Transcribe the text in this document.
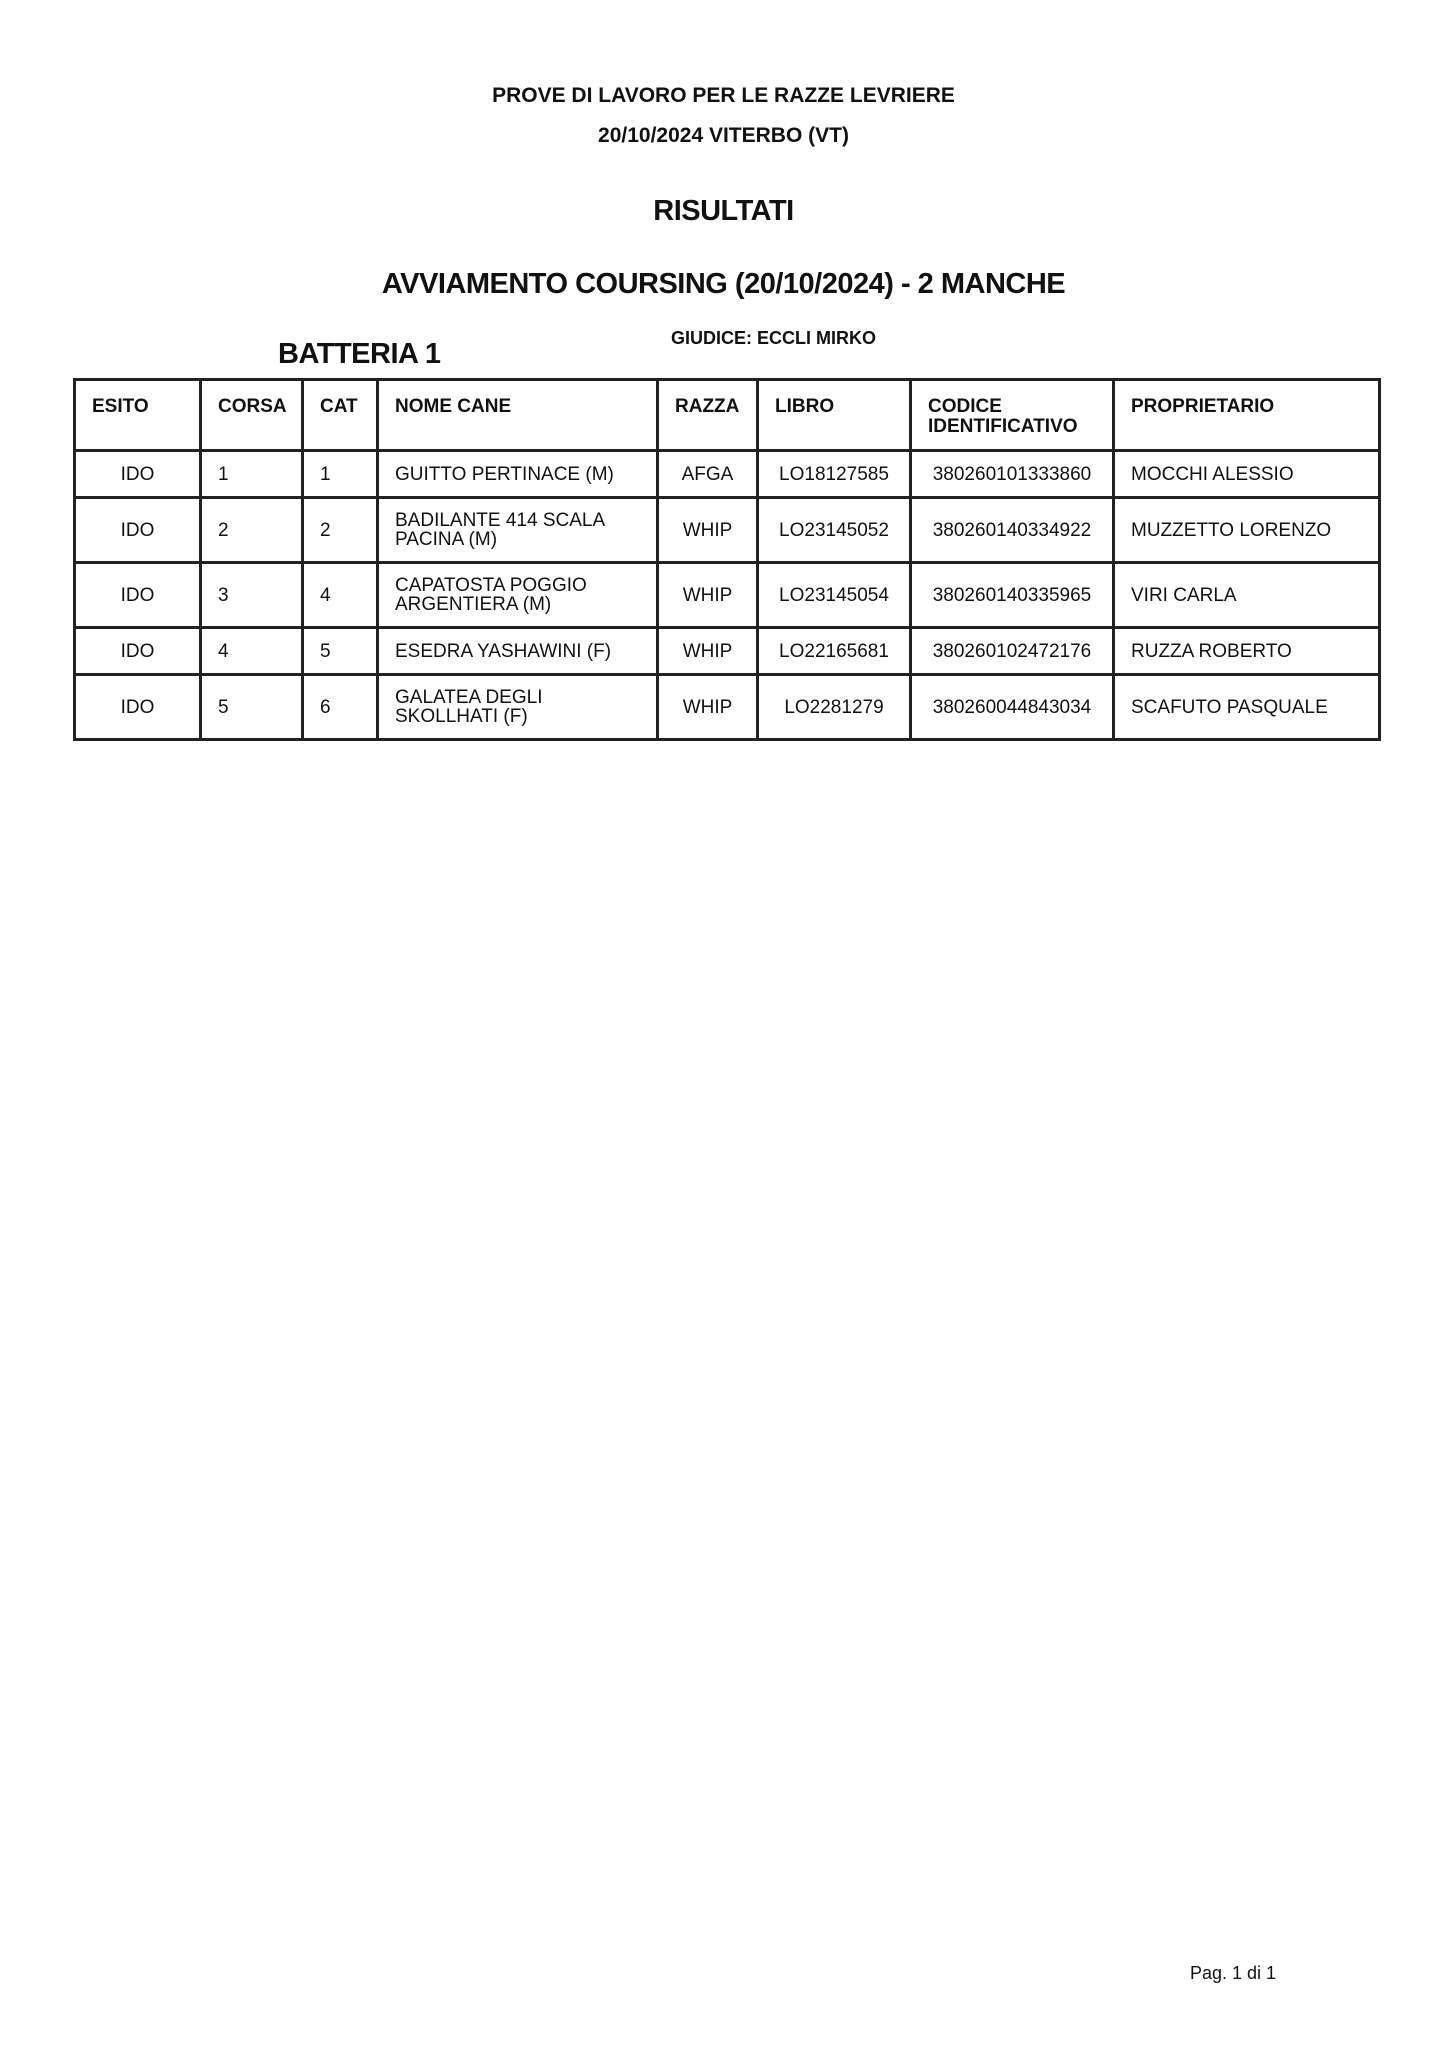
PROVE DI LAVORO PER LE RAZZE LEVRIERE
20/10/2024 VITERBO (VT)
RISULTATI
AVVIAMENTO COURSING (20/10/2024) - 2 MANCHE
BATTERIA 1	GIUDICE: ECCLI MIRKO
ESITO	CORSA	CAT	NOME CANE	RAZZA	LIBRO	CODICE
IDENTIFICATIVO	PROPRIETARIO
IDO	1	1	GUITTO PERTINACE (M)	AFGA	LO18127585	380260101333860	MOCCHI ALESSIO
IDO	2	2	BADILANTE 414 SCALA
PACINA (M)	WHIP	LO23145052	380260140334922	MUZZETTO LORENZO
IDO	3	4	CAPATOSTA POGGIO
ARGENTIERA (M)	WHIP	LO23145054	380260140335965	VIRI CARLA
IDO	4	5	ESEDRA YASHAWINI (F)	WHIP	LO22165681	380260102472176	RUZZA ROBERTO
IDO	5	6	GALATEA DEGLI
SKOLLHATI (F)	WHIP	LO2281279	380260044843034	SCAFUTO PASQUALE
Pag. 1 di 1
